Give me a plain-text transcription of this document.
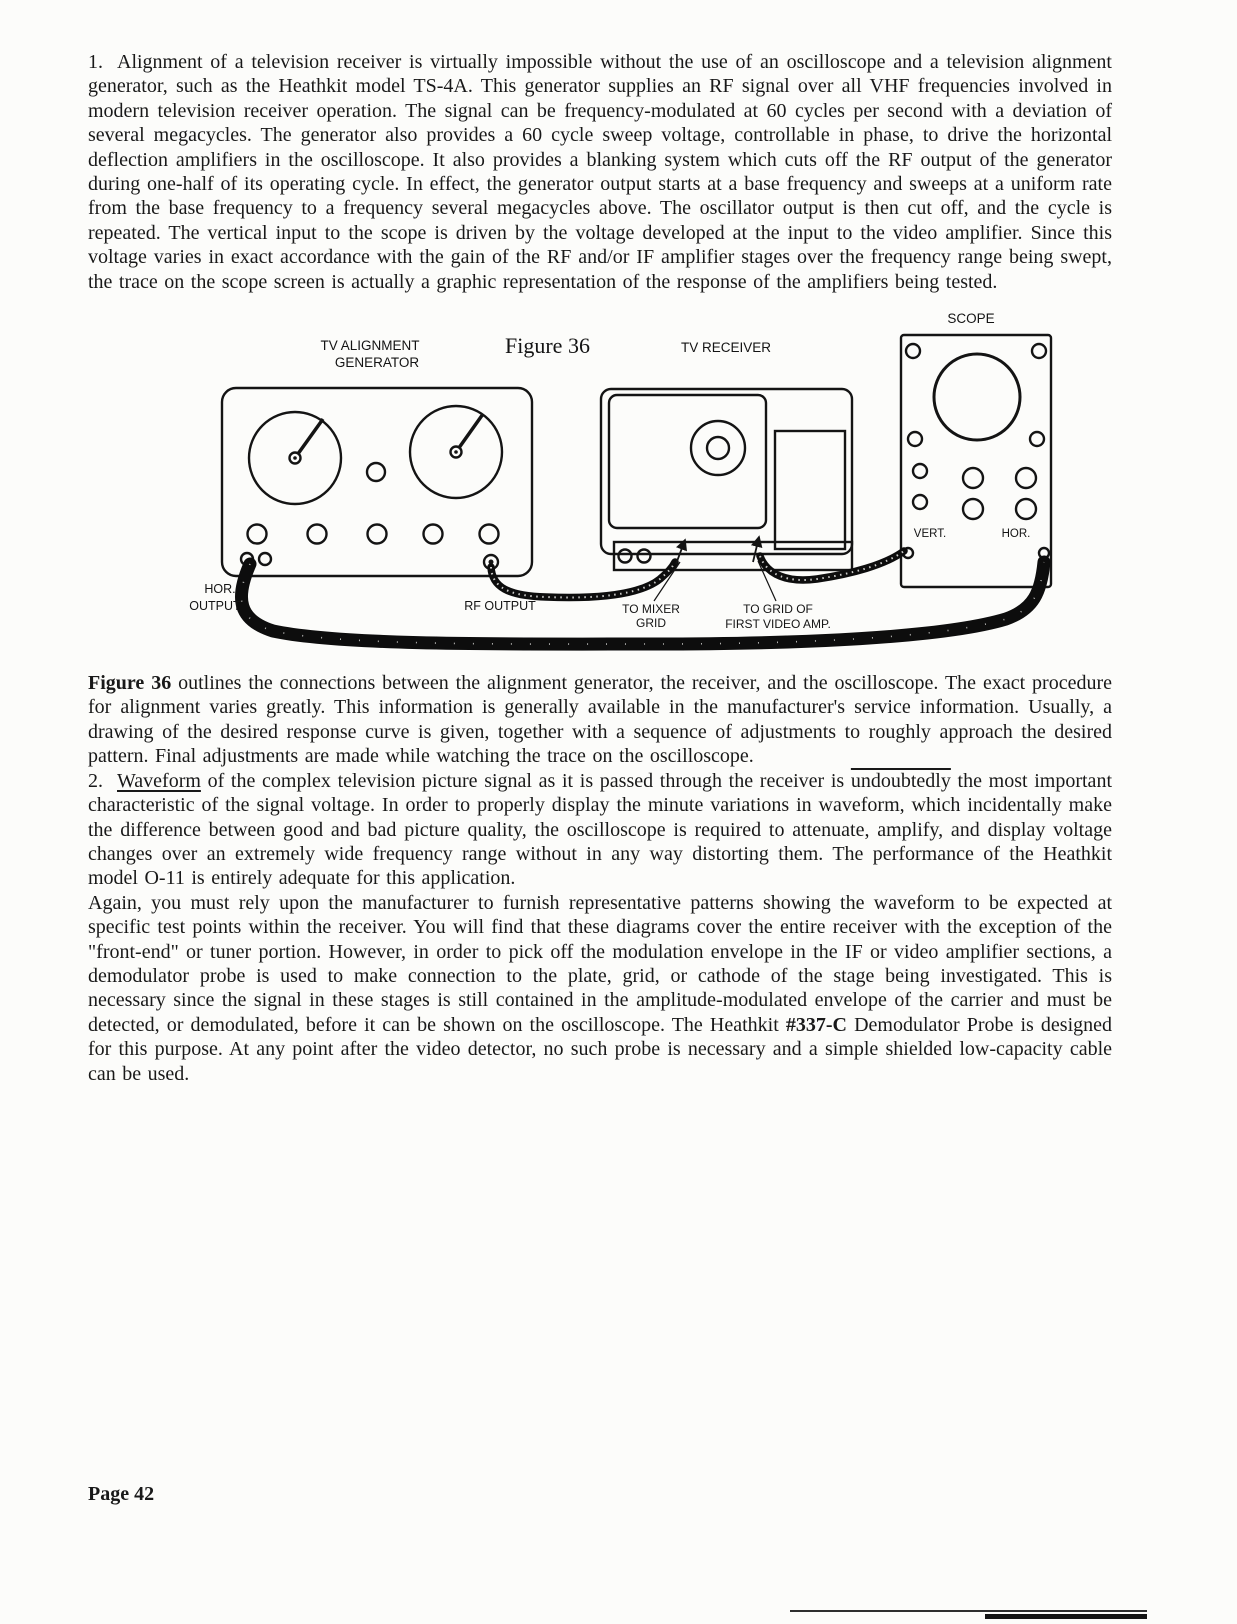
1. Alignment of a television receiver is virtually impossible without the use of an oscilloscope and a television alignment generator, such as the Heathkit model TS-4A. This generator supplies an RF signal over all VHF frequencies involved in modern television receiver operation. The signal can be frequency-modulated at 60 cycles per second with a deviation of several megacycles. The generator also provides a 60 cycle sweep voltage, controllable in phase, to drive the horizontal deflection amplifiers in the oscilloscope. It also provides a blanking system which cuts off the RF output of the generator during one-half of its operating cycle. In effect, the generator output starts at a base frequency and sweeps at a uniform rate from the base frequency to a frequency several megacycles above. The oscillator output is then cut off, and the cycle is repeated. The vertical input to the scope is driven by the voltage developed at the input to the video amplifier. Since this voltage varies in exact accordance with the gain of the RF and/or IF amplifier stages over the frequency range being swept, the trace on the scope screen is actually a graphic representation of the response of the amplifiers being tested.

TV ALIGNMENT
GENERATOR
TV RECEIVER
SCOPE
Figure 36
HOR.
OUTPUT	RF OUTPUT	TO MIXER
GRID
TO GRID OF
FIRST VIDEO AMP.
VERT.	HOR.

Figure 36 outlines the connections between the alignment generator, the receiver, and the oscilloscope. The exact procedure for alignment varies greatly. This information is generally available in the manufacturer's service information. Usually, a drawing of the desired response curve is given, together with a sequence of adjustments to roughly approach the desired pattern. Final adjustments are made while watching the trace on the oscilloscope.

2. Waveform of the complex television picture signal as it is passed through the receiver is undoubtedly the most important characteristic of the signal voltage. In order to properly display the minute variations in waveform, which incidentally make the difference between good and bad picture quality, the oscilloscope is required to attenuate, amplify, and display voltage changes over an extremely wide frequency range without in any way distorting them. The performance of the Heathkit model O-11 is entirely adequate for this application.

Again, you must rely upon the manufacturer to furnish representative patterns showing the waveform to be expected at specific test points within the receiver. You will find that these diagrams cover the entire receiver with the exception of the "front-end" or tuner portion. However, in order to pick off the modulation envelope in the IF or video amplifier sections, a demodulator probe is used to make connection to the plate, grid, or cathode of the stage being investigated. This is necessary since the signal in these stages is still contained in the amplitude-modulated envelope of the carrier and must be detected, or demodulated, before it can be shown on the oscilloscope. The Heathkit #337-C Demodulator Probe is designed for this purpose. At any point after the video detector, no such probe is necessary and a simple shielded low-capacity cable can be used.

Page 42
